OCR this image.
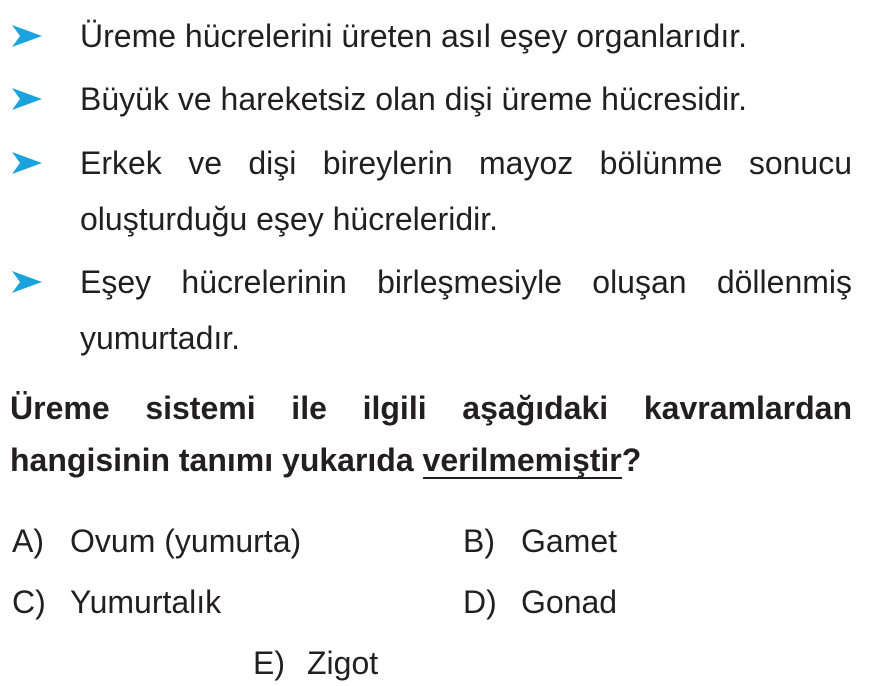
Üreme hücrelerini üreten asıl eşey organlarıdır.
Büyük ve hareketsiz olan dişi üreme hücresidir.
Erkek ve dişi bireylerin mayoz bölünme sonucu
oluşturduğu eşey hücreleridir.
Eşey hücrelerinin birleşmesiyle oluşan döllenmiş
yumurtadır.
Üreme sistemi ile ilgili aşağıdaki kavramlardan
hangisinin tanımı yukarıda verilmemiştir?
A) Ovum (yumurta)	B) Gamet
C) Yumurtalık	D) Gonad
E) Zigot
